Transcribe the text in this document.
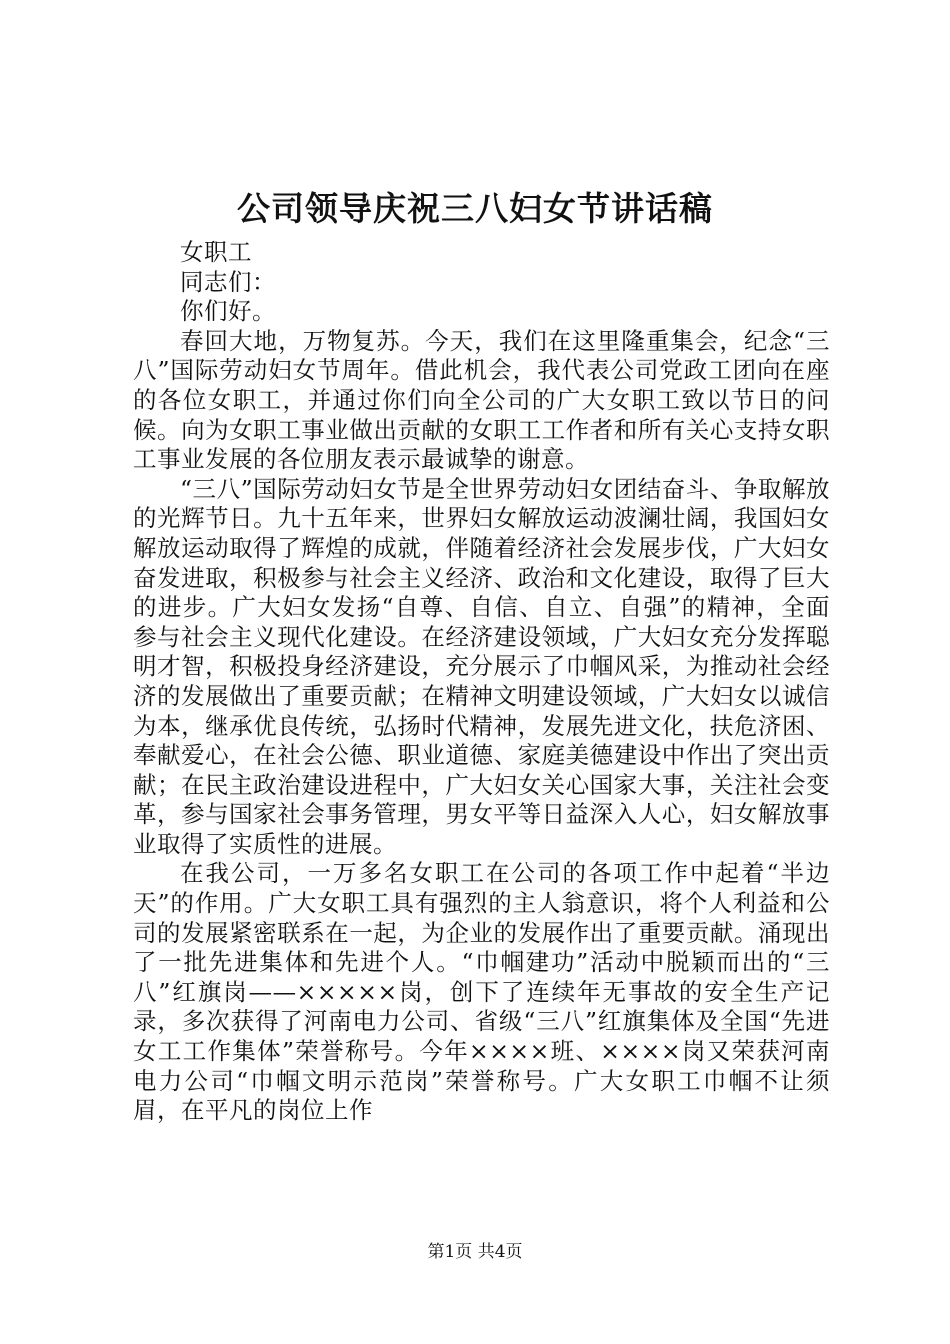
公司领导庆祝三八妇女节讲话稿

女职工

同志们：

你们好。

春回大地，万物复苏。今天，我们在这里隆重集会，纪念“三八”国际劳动妇女节周年。借此机会，我代表公司党政工团向在座的各位女职工，并通过你们向全公司的广大女职工致以节日的问候。向为女职工事业做出贡献的女职工工作者和所有关心支持女职工事业发展的各位朋友表示最诚挚的谢意。

“三八”国际劳动妇女节是全世界劳动妇女团结奋斗、争取解放的光辉节日。九十五年来，世界妇女解放运动波澜壮阔，我国妇女解放运动取得了辉煌的成就，伴随着经济社会发展步伐，广大妇女奋发进取，积极参与社会主义经济、政治和文化建设，取得了巨大的进步。广大妇女发扬“自尊、自信、自立、自强”的精神，全面参与社会主义现代化建设。在经济建设领域，广大妇女充分发挥聪明才智，积极投身经济建设，充分展示了巾帼风采，为推动社会经济的发展做出了重要贡献；在精神文明建设领域，广大妇女以诚信为本，继承优良传统，弘扬时代精神，发展先进文化，扶危济困、奉献爱心，在社会公德、职业道德、家庭美德建设中作出了突出贡献；在民主政治建设进程中，广大妇女关心国家大事，关注社会变革，参与国家社会事务管理，男女平等日益深入人心，妇女解放事业取得了实质性的进展。

在我公司，一万多名女职工在公司的各项工作中起着“半边天”的作用。广大女职工具有强烈的主人翁意识，将个人利益和公司的发展紧密联系在一起，为企业的发展作出了重要贡献。涌现出了一批先进集体和先进个人。“巾帼建功”活动中脱颖而出的“三八”红旗岗——×××××岗，创下了连续年无事故的安全生产记录，多次获得了河南电力公司、省级“三八”红旗集体及全国“先进女工工作集体”荣誉称号。今年××××班、××××岗又荣获河南电力公司“巾帼文明示范岗”荣誉称号。广大女职工巾帼不让须眉，在平凡的岗位上作

第1页 共4页
